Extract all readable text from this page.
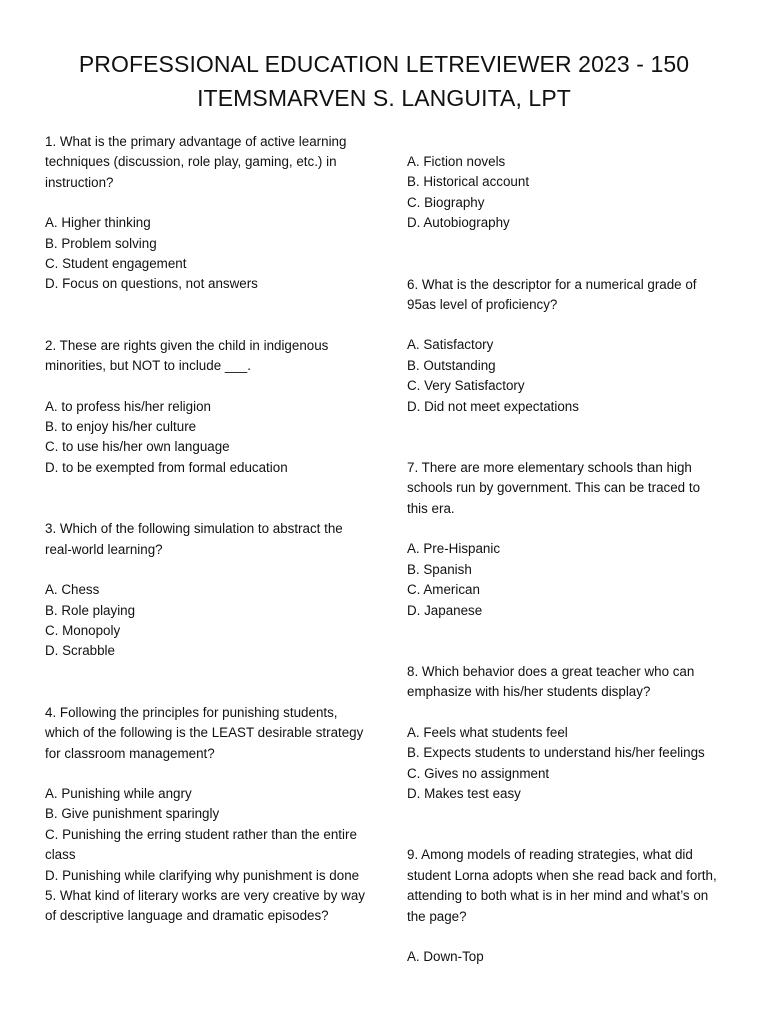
PROFESSIONAL EDUCATION LETREVIEWER 2023 - 150
ITEMSMARVEN S. LANGUITA, LPT

1. What is the primary advantage of active learning techniques (discussion, role play, gaming, etc.) in instruction?

A. Higher thinking
B. Problem solving
C. Student engagement
D. Focus on questions, not answers

2. These are rights given the child in indigenous minorities, but NOT to include ___.

A. to profess his/her religion
B. to enjoy his/her culture
C. to use his/her own language
D. to be exempted from formal education

3. Which of the following simulation to abstract the real-world learning?

A. Chess
B. Role playing
C. Monopoly
D. Scrabble

4. Following the principles for punishing students, which of the following is the LEAST desirable strategy for classroom management?

A. Punishing while angry
B. Give punishment sparingly
C. Punishing the erring student rather than the entire class
D. Punishing while clarifying why punishment is done

5. What kind of literary works are very creative by way of descriptive language and dramatic episodes?

A. Fiction novels
B. Historical account
C. Biography
D. Autobiography

6. What is the descriptor for a numerical grade of 95as level of proficiency?

A. Satisfactory
B. Outstanding
C. Very Satisfactory
D. Did not meet expectations

7. There are more elementary schools than high schools run by government. This can be traced to this era.

A. Pre-Hispanic
B. Spanish
C. American
D. Japanese

8. Which behavior does a great teacher who can emphasize with his/her students display?

A. Feels what students feel
B. Expects students to understand his/her feelings
C. Gives no assignment
D. Makes test easy

9. Among models of reading strategies, what did student Lorna adopts when she read back and forth, attending to both what is in her mind and what’s on the page?

A. Down-Top
